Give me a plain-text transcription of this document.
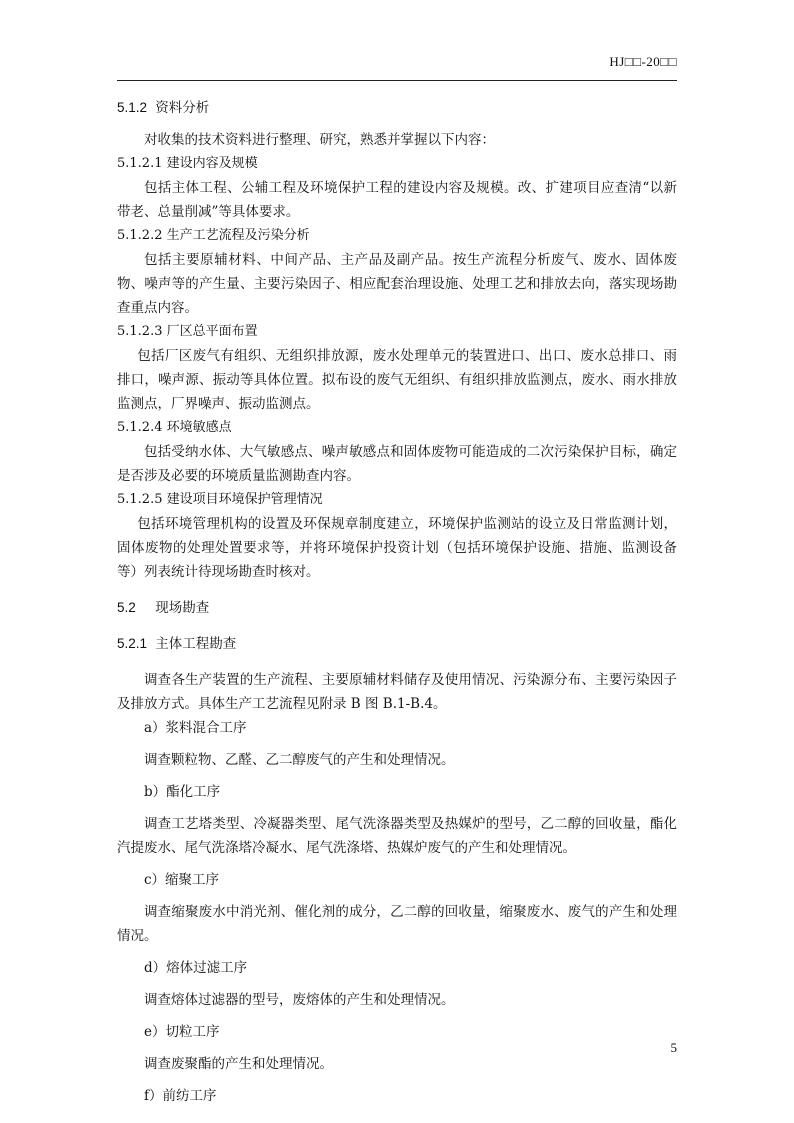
HJ□□-20□□

5.1.2 资料分析

对收集的技术资料进行整理、研究，熟悉并掌握以下内容：

5.1.2.1 建设内容及规模

包括主体工程、公辅工程及环境保护工程的建设内容及规模。改、扩建项目应查清“以新带老、总量削减”等具体要求。

5.1.2.2 生产工艺流程及污染分析

包括主要原辅材料、中间产品、主产品及副产品。按生产流程分析废气、废水、固体废物、噪声等的产生量、主要污染因子、相应配套治理设施、处理工艺和排放去向，落实现场勘查重点内容。

5.1.2.3 厂区总平面布置

包括厂区废气有组织、无组织排放源，废水处理单元的装置进口、出口、废水总排口、雨排口，噪声源、振动等具体位置。拟布设的废气无组织、有组织排放监测点，废水、雨水排放监测点，厂界噪声、振动监测点。

5.1.2.4 环境敏感点

包括受纳水体、大气敏感点、噪声敏感点和固体废物可能造成的二次污染保护目标，确定是否涉及必要的环境质量监测勘查内容。

5.1.2.5 建设项目环境保护管理情况

包括环境管理机构的设置及环保规章制度建立，环境保护监测站的设立及日常监测计划，固体废物的处理处置要求等，并将环境保护投资计划（包括环境保护设施、措施、监测设备等）列表统计待现场勘查时核对。

5.2 现场勘查

5.2.1 主体工程勘查

调查各生产装置的生产流程、主要原辅材料储存及使用情况、污染源分布、主要污染因子及排放方式。具体生产工艺流程见附录 B 图 B.1-B.4。

a）浆料混合工序

调查颗粒物、乙醛、乙二醇废气的产生和处理情况。

b）酯化工序

调查工艺塔类型、冷凝器类型、尾气洗涤器类型及热媒炉的型号，乙二醇的回收量，酯化汽提废水、尾气洗涤塔冷凝水、尾气洗涤塔、热媒炉废气的产生和处理情况。

c）缩聚工序

调查缩聚废水中消光剂、催化剂的成分，乙二醇的回收量，缩聚废水、废气的产生和处理情况。

d）熔体过滤工序

调查熔体过滤器的型号，废熔体的产生和处理情况。

e）切粒工序

调查废聚酯的产生和处理情况。

f）前纺工序

5
